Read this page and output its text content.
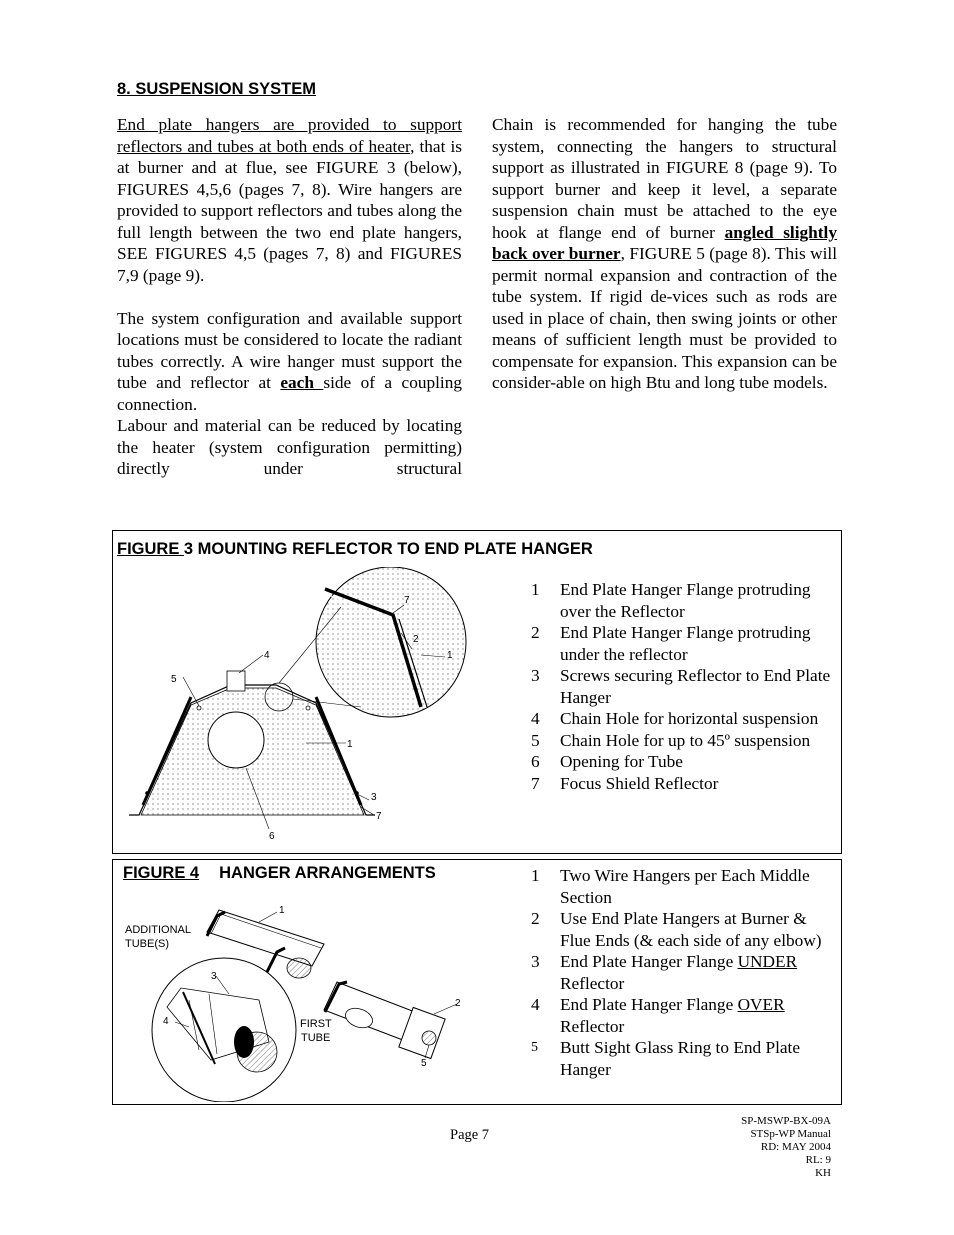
8. SUSPENSION SYSTEM

End plate hangers are provided to support reflectors and tubes at both ends of heater, that is at burner and at flue, see FIGURE 3 (below), FIGURES 4,5,6 (pages 7, 8). Wire hangers are provided to support reflectors and tubes along the full length between the two end plate hangers, SEE FIGURES 4,5 (pages 7, 8) and FIGURES 7,9 (page 9).

The system configuration and available support locations must be considered to locate the radiant tubes correctly. A wire hanger must support the tube and reflector at each side of a coupling connection.

Labour and material can be reduced by locating the heater (system configuration permitting) directly under structural

Chain is recommended for hanging the tube system, connecting the hangers to structural support as illustrated in FIGURE 8 (page 9). To support burner and keep it level, a separate suspension chain must be attached to the eye hook at flange end of burner angled slightly back over burner, FIGURE 5 (page 8). This will permit normal expansion and contraction of the tube system. If rigid de-vices such as rods are used in place of chain, then swing joints or other means of sufficient length must be provided to compensate for expansion. This expansion can be consider-able on high Btu and long tube models.

FIGURE 3 MOUNTING REFLECTOR TO END PLATE HANGER
7
2
1
4
5
1
3
7
6
1 End Plate Hanger Flange protruding over the Reflector
2 End Plate Hanger Flange protruding under the reflector
3 Screws securing Reflector to End Plate Hanger
4 Chain Hole for horizontal suspension
5 Chain Hole for up to 45º suspension
6 Opening for Tube
7 Focus Shield Reflector
FIGURE 4 HANGER ARRANGEMENTS
1
3
4
2
5
ADDITIONAL
TUBE(S)
FIRST
TUBE
1 Two Wire Hangers per Each Middle Section
2 Use End Plate Hangers at Burner & Flue Ends (& each side of any elbow)
3 End Plate Hanger Flange UNDER Reflector
4 End Plate Hanger Flange OVER Reflector
5 Butt Sight Glass Ring to End Plate Hanger
Page 7
SP-MSWP-BX-09A
STSp-WP Manual
RD: MAY 2004
RL: 9
KH
